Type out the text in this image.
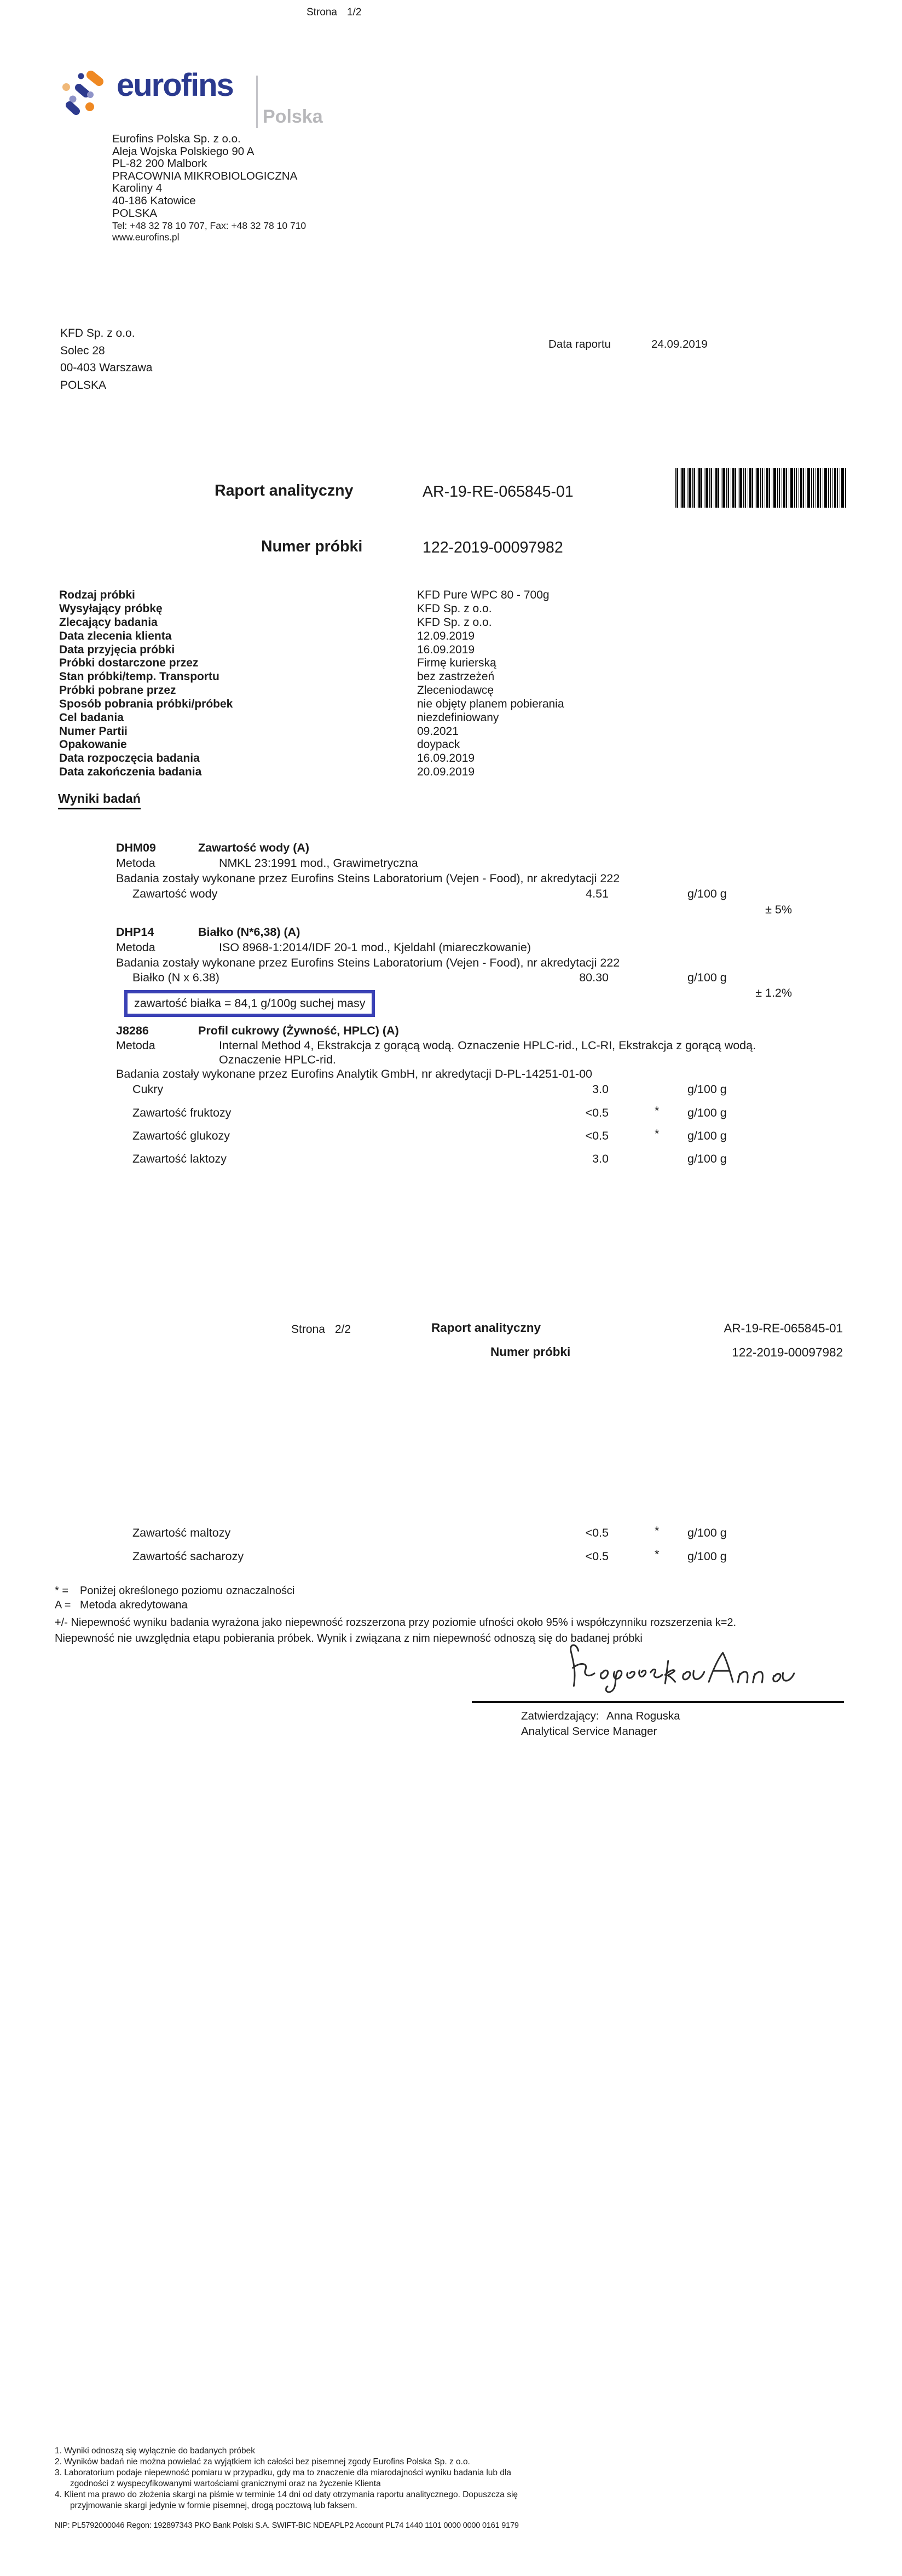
Strona 1/2
eurofins
Polska
Eurofins Polska Sp. z o.o.
Aleja Wojska Polskiego 90 A
PL-82 200 Malbork
PRACOWNIA MIKROBIOLOGICZNA
Karoliny 4
40-186 Katowice
POLSKA
Tel: +48 32 78 10 707, Fax: +48 32 78 10 710
www.eurofins.pl
KFD Sp. z o.o.
Solec 28
00-403 Warszawa
POLSKA
Data raportu	24.09.2019
Raport analityczny	AR-19-RE-065845-01
Numer próbki	122-2019-00097982
Rodzaj próbki	KFD Pure WPC 80 - 700g
Wysyłający próbkę	KFD Sp. z o.o.
Zlecający badania	KFD Sp. z o.o.
Data zlecenia klienta	12.09.2019
Data przyjęcia próbki	16.09.2019
Próbki dostarczone przez	Firmę kurierską
Stan próbki/temp. Transportu	bez zastrzeżeń
Próbki pobrane przez	Zleceniodawcę
Sposób pobrania próbki/próbek	nie objęty planem pobierania
Cel badania	niezdefiniowany
Numer Partii	09.2021
Opakowanie	doypack
Data rozpoczęcia badania	16.09.2019
Data zakończenia badania	20.09.2019
Wyniki badań
DHM09	Zawartość wody (A)
Metoda	NMKL 23:1991 mod., Grawimetryczna
Badania zostały wykonane przez Eurofins Steins Laboratorium (Vejen - Food), nr akredytacji 222
Zawartość wody	4.51	g/100 g
± 5%
DHP14	Białko (N*6,38) (A)
Metoda	ISO 8968-1:2014/IDF 20-1 mod., Kjeldahl (miareczkowanie)
Badania zostały wykonane przez Eurofins Steins Laboratorium (Vejen - Food), nr akredytacji 222
Białko (N x 6.38)	80.30	g/100 g
± 1.2%
zawartość białka = 84,1 g/100g suchej masy
J8286	Profil cukrowy (Żywność, HPLC) (A)
Metoda	Internal Method 4, Ekstrakcja z gorącą wodą. Oznaczenie HPLC-rid., LC-RI, Ekstrakcja z gorącą wodą.
Oznaczenie HPLC-rid.
Badania zostały wykonane przez Eurofins Analytik GmbH, nr akredytacji D-PL-14251-01-00
Cukry	3.0	g/100 g
Zawartość fruktozy	<0.5	* g/100 g
Zawartość glukozy	<0.5	* g/100 g
Zawartość laktozy	3.0	g/100 g
Strona 2/2	Raport analityczny	AR-19-RE-065845-01
Numer próbki	122-2019-00097982
Zawartość maltozy	<0.5	* g/100 g
Zawartość sacharozy	<0.5	* g/100 g
* = Poniżej określonego poziomu oznaczalności
A = Metoda akredytowana
+/- Niepewność wyniku badania wyrażona jako niepewność rozszerzona przy poziomie ufności około 95% i współczynniku rozszerzenia k=2.
Niepewność nie uwzględnia etapu pobierania próbek. Wynik i związana z nim niepewność odnoszą się do badanej próbki
Zatwierdzający: Anna Roguska
Analytical Service Manager
1. Wyniki odnoszą się wyłącznie do badanych próbek
2. Wyników badań nie można powielać za wyjątkiem ich całości bez pisemnej zgody Eurofins Polska Sp. z o.o.
3. Laboratorium podaje niepewność pomiaru w przypadku, gdy ma to znaczenie dla miarodajności wyniku badania lub dla
zgodności z wyspecyfikowanymi wartościami granicznymi oraz na życzenie Klienta
4. Klient ma prawo do złożenia skargi na piśmie w terminie 14 dni od daty otrzymania raportu analitycznego. Dopuszcza się
przyjmowanie skargi jedynie w formie pisemnej, drogą pocztową lub faksem.
NIP: PL5792000046 Regon: 192897343 PKO Bank Polski S.A. SWIFT-BIC NDEAPLP2 Account PL74 1440 1101 0000 0000 0161 9179
